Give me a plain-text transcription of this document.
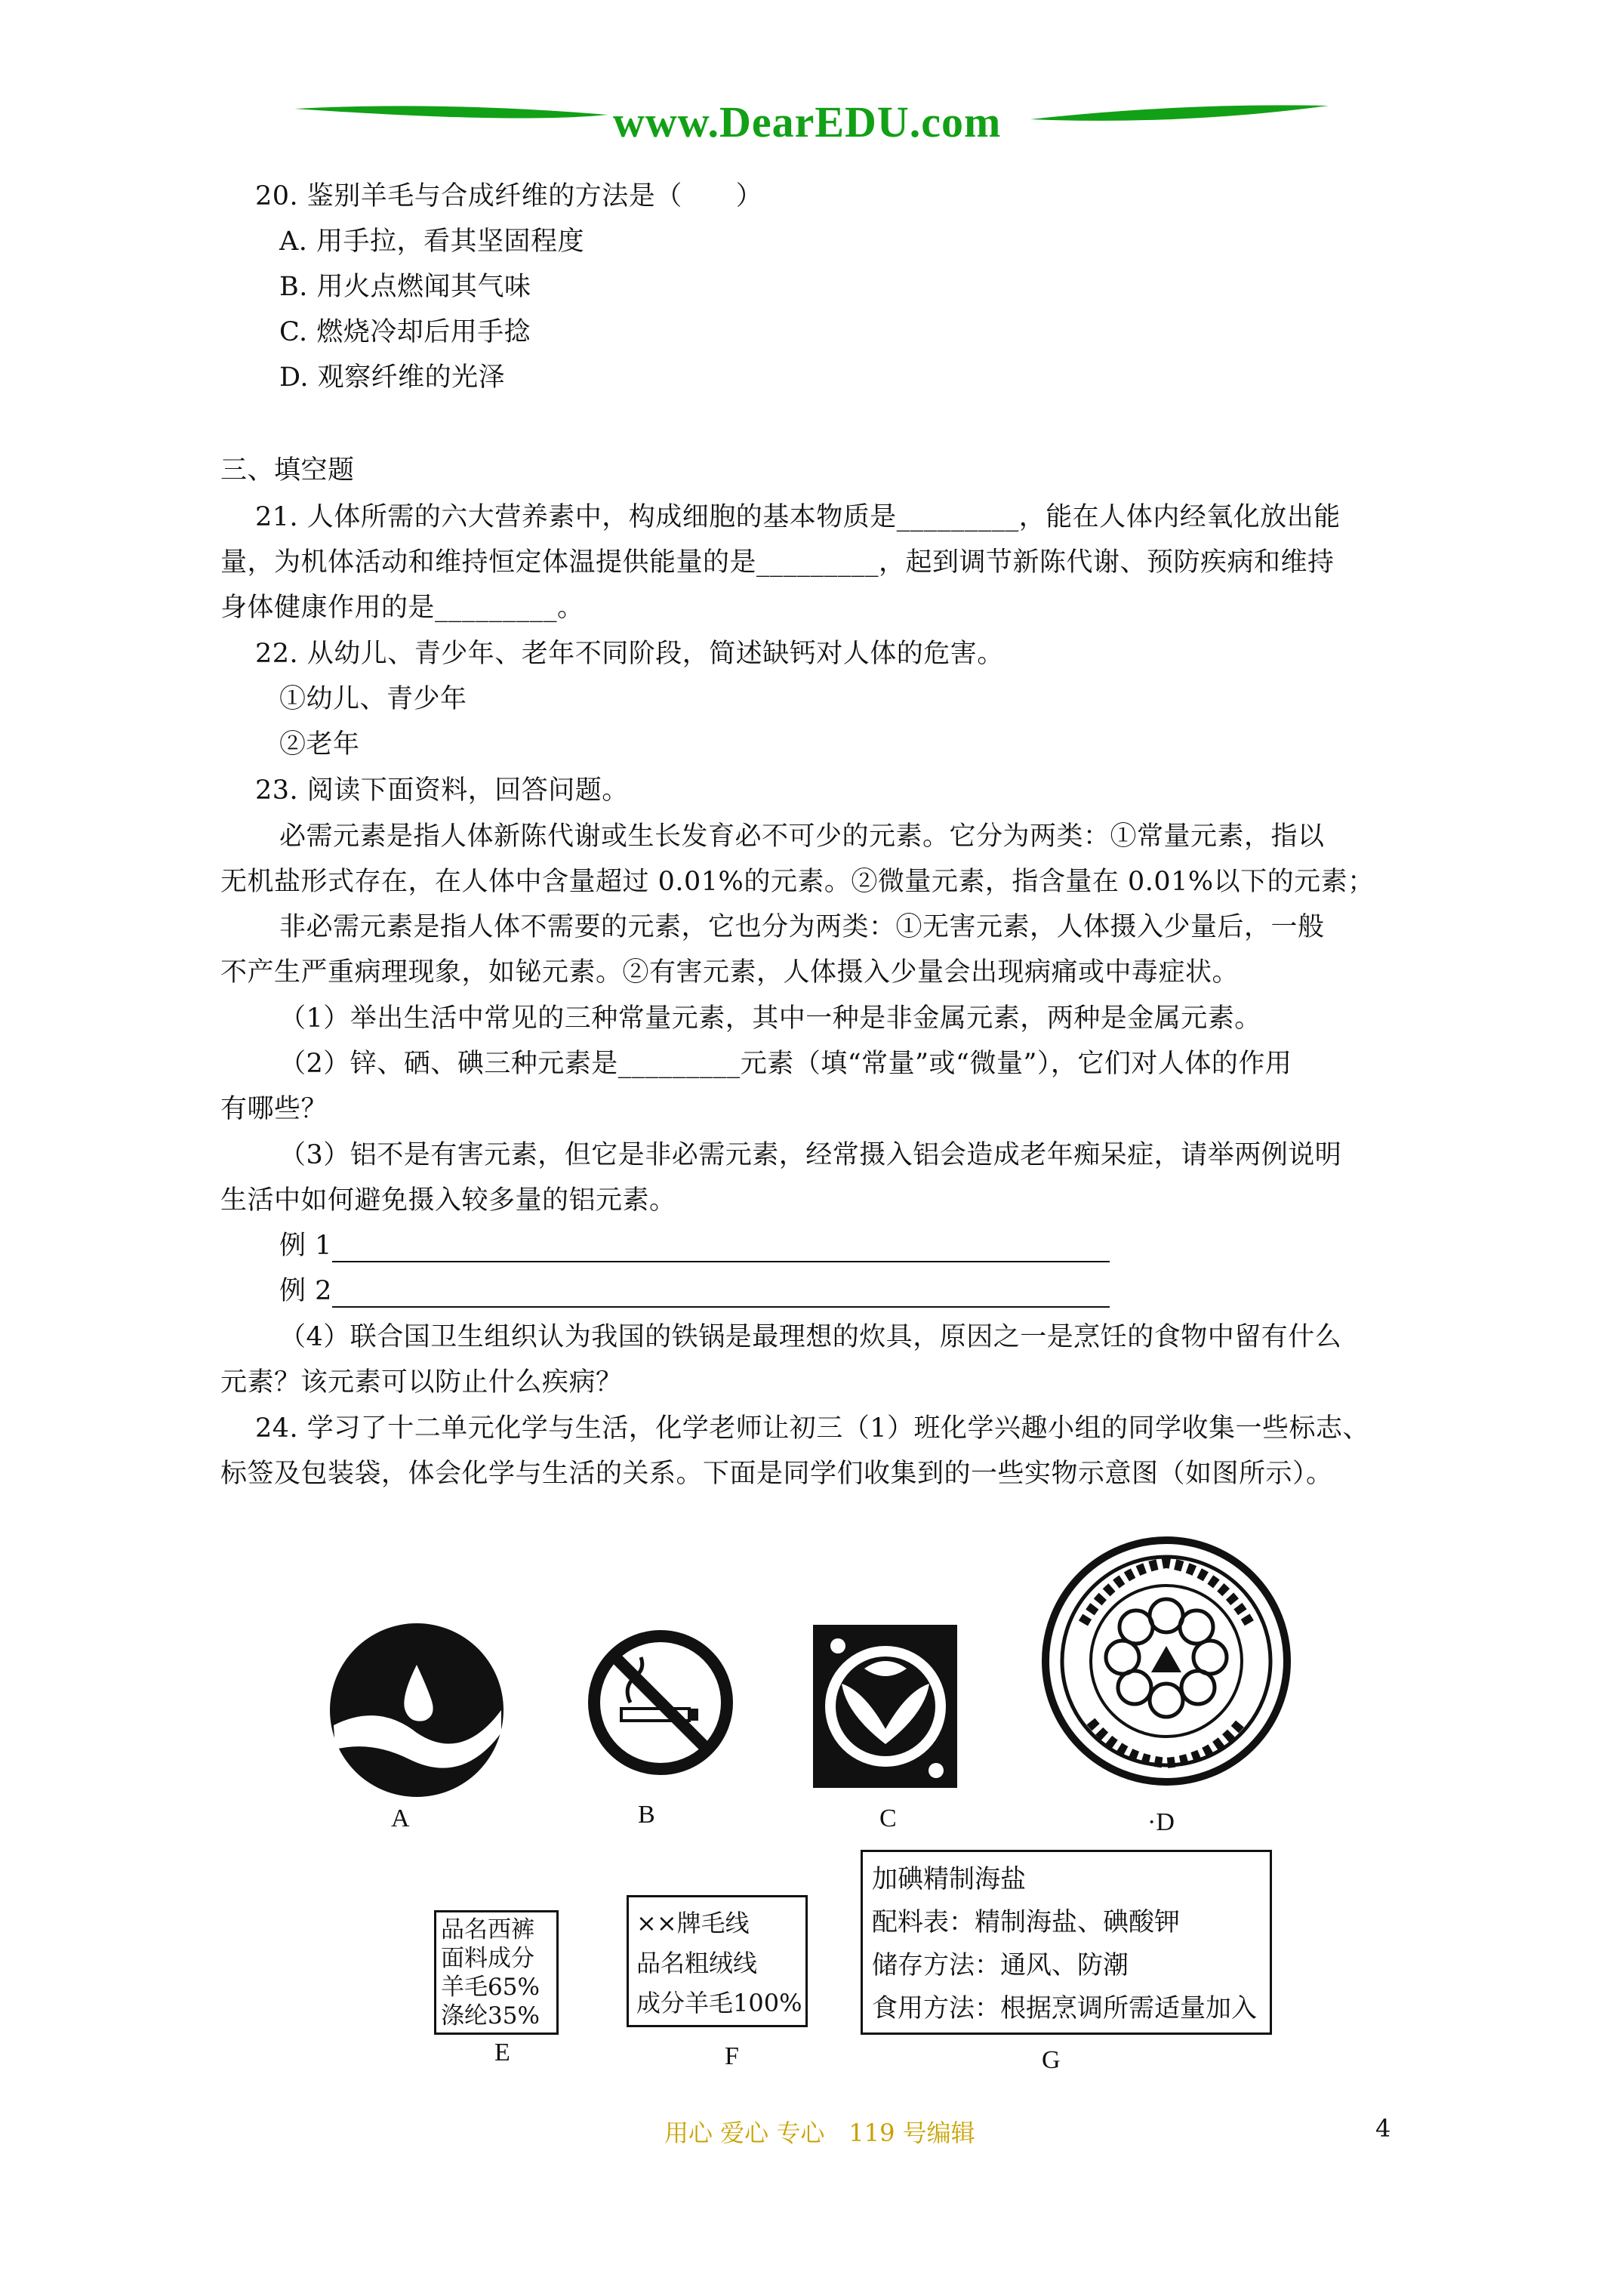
www.DearEDU.com
20. 鉴别羊毛与合成纤维的方法是（　　）
A. 用手拉，看其坚固程度
B. 用火点燃闻其气味
C. 燃烧冷却后用手捻
D. 观察纤维的光泽
三、填空题
21. 人体所需的六大营养素中，构成细胞的基本物质是_________，能在人体内经氧化放出能
量，为机体活动和维持恒定体温提供能量的是_________，起到调节新陈代谢、预防疾病和维持
身体健康作用的是_________。
22. 从幼儿、青少年、老年不同阶段，简述缺钙对人体的危害。
①幼儿、青少年
②老年
23. 阅读下面资料，回答问题。
必需元素是指人体新陈代谢或生长发育必不可少的元素。它分为两类：①常量元素，指以
无机盐形式存在，在人体中含量超过 0.01%的元素。②微量元素，指含量在 0.01%以下的元素；
非必需元素是指人体不需要的元素，它也分为两类：①无害元素，人体摄入少量后，一般
不产生严重病理现象，如铋元素。②有害元素，人体摄入少量会出现病痛或中毒症状。
（1）举出生活中常见的三种常量元素，其中一种是非金属元素，两种是金属元素。
（2）锌、硒、碘三种元素是_________元素（填“常量”或“微量”），它们对人体的作用
有哪些？
（3）铝不是有害元素，但它是非必需元素，经常摄入铝会造成老年痴呆症，请举两例说明
生活中如何避免摄入较多量的铝元素。
例 1
例 2
（4）联合国卫生组织认为我国的铁锅是最理想的炊具，原因之一是烹饪的食物中留有什么
元素？该元素可以防止什么疾病？
24. 学习了十二单元化学与生活，化学老师让初三（1）班化学兴趣小组的同学收集一些标志、
标签及包装袋，体会化学与生活的关系。下面是同学们收集到的一些实物示意图（如图所示）。
A	B	C	·D
品名西裤
面料成分
羊毛65%
涤纶35%
××牌毛线
品名粗绒线
成分羊毛100%
加碘精制海盐
配料表：精制海盐、碘酸钾
储存方法：通风、防潮
食用方法：根据烹调所需适量加入
E	F	G
用心 爱心 专心　119 号编辑	4
